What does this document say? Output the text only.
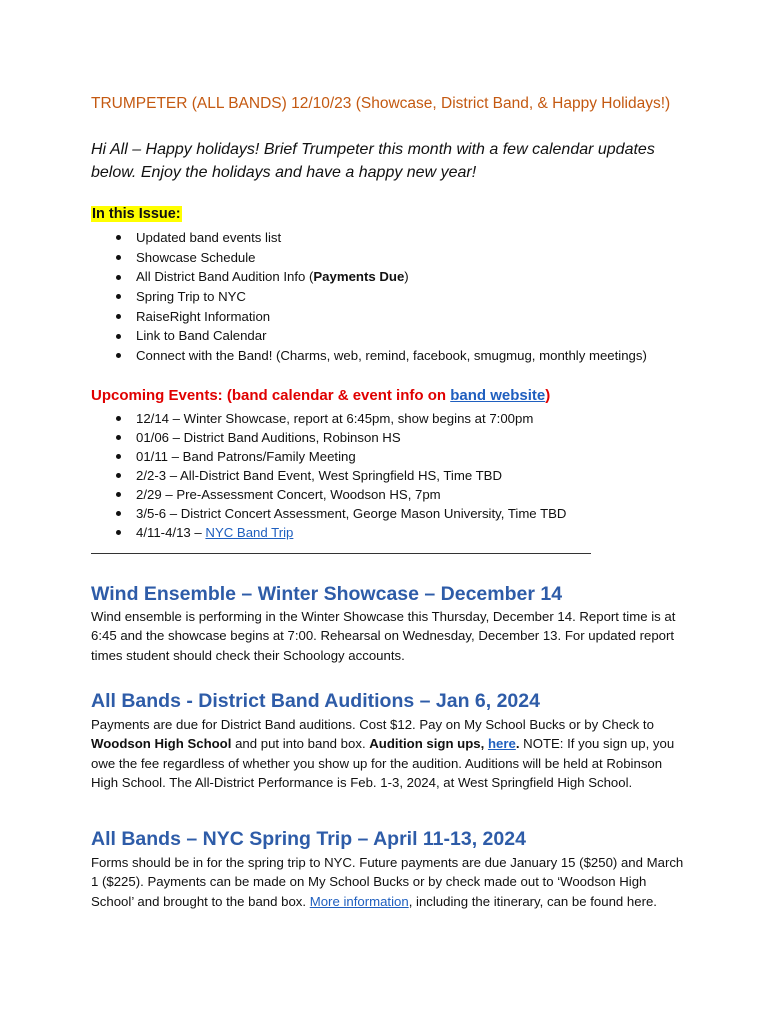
TRUMPETER (ALL BANDS) 12/10/23 (Showcase, District Band, & Happy Holidays!)
Hi All – Happy holidays! Brief Trumpeter this month with a few calendar updates below. Enjoy the holidays and have a happy new year!
In this Issue:
Updated band events list
Showcase Schedule
All District Band Audition Info (Payments Due)
Spring Trip to NYC
RaiseRight Information
Link to Band Calendar
Connect with the Band! (Charms, web, remind, facebook, smugmug, monthly meetings)
Upcoming Events: (band calendar & event info on band website)
12/14 – Winter Showcase, report at 6:45pm, show begins at 7:00pm
01/06 – District Band Auditions, Robinson HS
01/11 – Band Patrons/Family Meeting
2/2-3 – All-District Band Event, West Springfield HS, Time TBD
2/29 – Pre-Assessment Concert, Woodson HS, 7pm
3/5-6 – District Concert Assessment, George Mason University, Time TBD
4/11-4/13 – NYC Band Trip
Wind Ensemble – Winter Showcase – December 14
Wind ensemble is performing in the Winter Showcase this Thursday, December 14. Report time is at 6:45 and the showcase begins at 7:00. Rehearsal on Wednesday, December 13. For updated report times student should check their Schoology accounts.
All Bands - District Band Auditions – Jan 6, 2024
Payments are due for District Band auditions. Cost $12. Pay on My School Bucks or by Check to Woodson High School and put into band box. Audition sign ups, here. NOTE: If you sign up, you owe the fee regardless of whether you show up for the audition. Auditions will be held at Robinson High School. The All-District Performance is Feb. 1-3, 2024, at West Springfield High School.
All Bands – NYC Spring Trip – April 11-13, 2024
Forms should be in for the spring trip to NYC. Future payments are due January 15 ($250) and March 1 ($225). Payments can be made on My School Bucks or by check made out to ‘Woodson High School’ and brought to the band box. More information, including the itinerary, can be found here.
